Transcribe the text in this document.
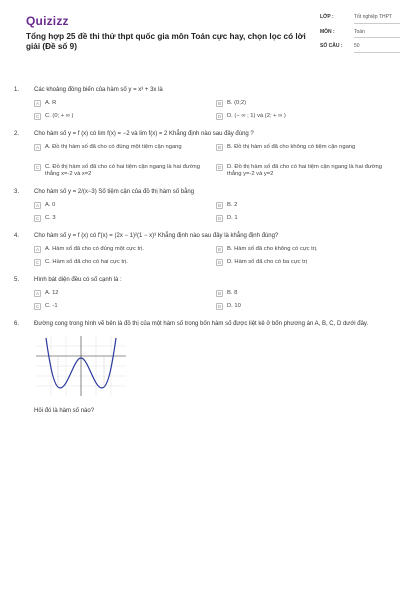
Quizizz
Tổng hợp 25 đề thi thử thpt quốc gia môn Toán cực hay, chọn lọc có lời giải (Đề số 9)
LỚP :	Tốt nghiệp THPT
MÔN :	Toán
SỐ CÂU :	50
1.	Các khoảng đồng biến của hàm số y = x³ + 3x là
A	A. R	B	B. (0;2)
C	C. (0; + ∞ )	D	D. (− ∞ ; 1) và (2; + ∞ )
2.	Cho hàm số y = f (x) có lim f(x) = −2 và lim f(x) = 2 Khẳng định nào sau đây đúng ?
A	A. Đồ thị hàm số đã cho có đúng một tiệm cận ngang	B	B. Đồ thị hàm số đã cho không có tiệm cận ngang
C	C. Đồ thị hàm số đã cho có hai tiệm cận ngang là hai đường thẳng x=-2 và x=2
D	D. Đồ thị hàm số đã cho có hai tiệm cận ngang là hai đường thẳng y=-2 và y=2
3.	Cho hàm số y = 2/(x−3) Số tiệm cận của đồ thị hàm số bằng
A	A. 0	B	B. 2
C	C. 3	D	D. 1
4.	Cho hàm số y = f (x) có f′(x) = (2x − 1)²(1 − x)³ Khẳng định nào sau đây là khẳng định đúng?
A	A. Hàm số đã cho có đúng một cực trị.	B	B. Hàm số đã cho không có cực trị.
C	C. Hàm số đã cho có hai cực trị.	D	D. Hàm số đã cho có ba cực trị
5.	Hình bát diện đều có số cạnh là :
A	A. 12	B	B. 8
C	C. -1	D	D. 10
6.	Đường cong trong hình vẽ bên là đồ thị của một hàm số trong bốn hàm số được liệt kê ở bốn phương án A, B, C, D dưới đây.
Hỏi đó là hàm số nào?
